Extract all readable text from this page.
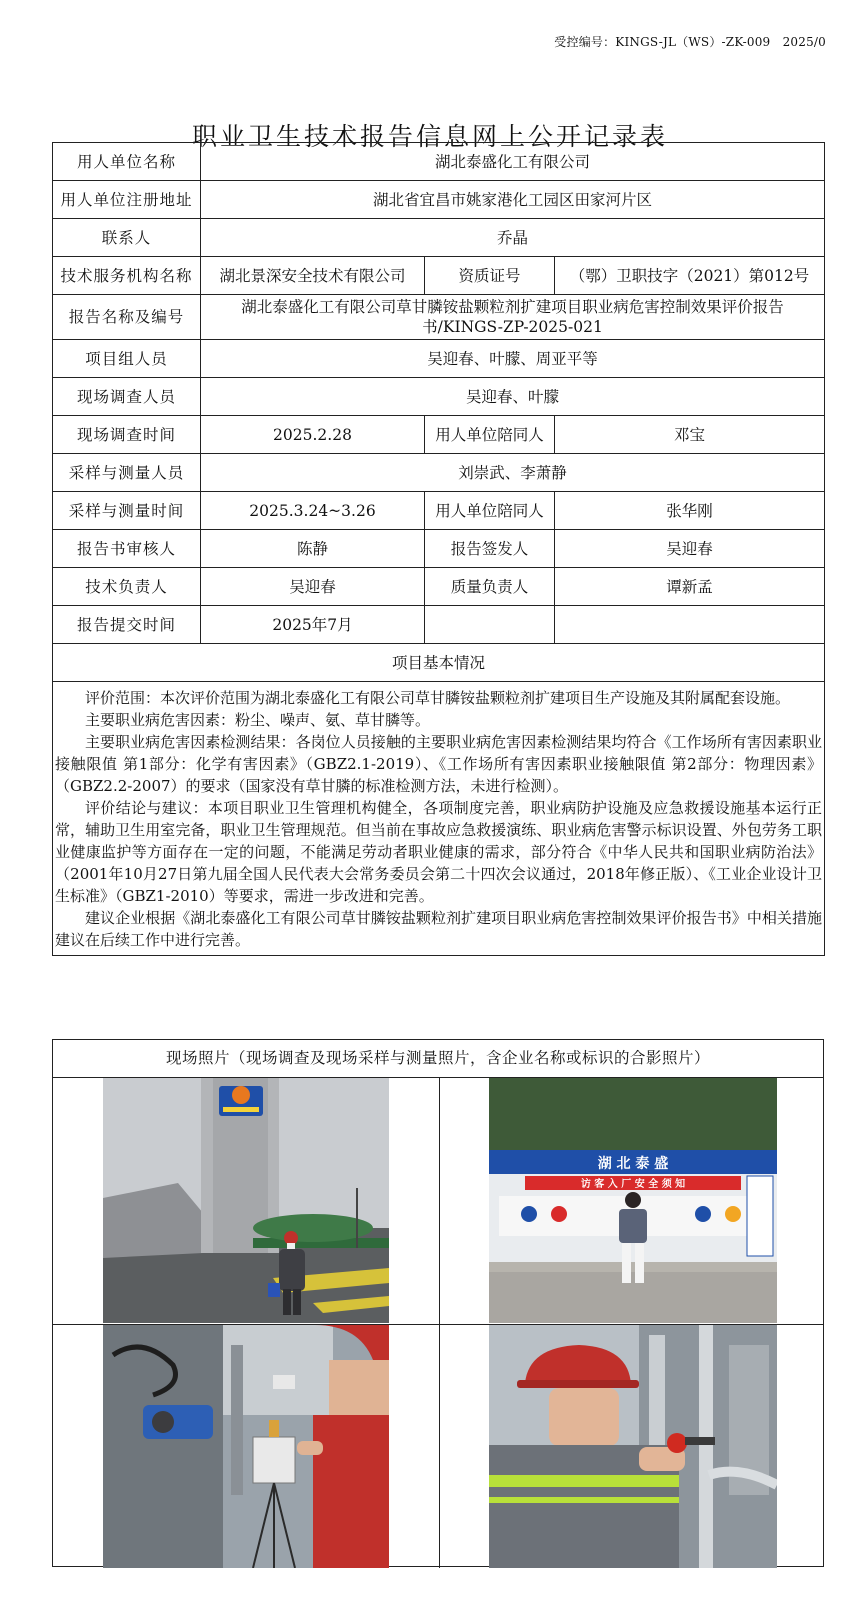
受控编号：KINGS-JL（WS）-ZK-009　2025/0
职业卫生技术报告信息网上公开记录表
用人单位名称	湖北泰盛化工有限公司		
用人单位注册地址	湖北省宜昌市姚家港化工园区田家河片区		
联系人	乔晶		
技术服务机构名称	湖北景深安全技术有限公司	资质证号	（鄂）卫职技字（2021）第012号
报告名称及编号	湖北泰盛化工有限公司草甘膦铵盐颗粒剂扩建项目职业病危害控制效果评价报告书/KINGS-ZP-2025-021		
项目组人员	吴迎春、叶朦、周亚平等		
现场调查人员	吴迎春、叶朦		
现场调查时间	2025.2.28	用人单位陪同人	邓宝
采样与测量人员	刘崇武、李萧静		
采样与测量时间	2025.3.24~3.26	用人单位陪同人	张华刚
报告书审核人	陈静	报告签发人	吴迎春
技术负责人	吴迎春	质量负责人	谭新孟
报告提交时间	2025年7月		
项目基本情况			

评价范围：本次评价范围为湖北泰盛化工有限公司草甘膦铵盐颗粒剂扩建项目生产设施及其附属配套设施。

主要职业病危害因素：粉尘、噪声、氨、草甘膦等。

主要职业病危害因素检测结果：各岗位人员接触的主要职业病危害因素检测结果均符合《工作场所有害因素职业接触限值 第1部分：化学有害因素》（GBZ2.1-2019）、《工作场所有害因素职业接触限值 第2部分：物理因素》（GBZ2.2-2007）的要求（国家没有草甘膦的标准检测方法，未进行检测）。

评价结论与建议：本项目职业卫生管理机构健全，各项制度完善，职业病防护设施及应急救援设施基本运行正常，辅助卫生用室完备，职业卫生管理规范。但当前在事故应急救援演练、职业病危害警示标识设置、外包劳务工职业健康监护等方面存在一定的问题，不能满足劳动者职业健康的需求，部分符合《中华人民共和国职业病防治法》（2001年10月27日第九届全国人民代表大会常务委员会第二十四次会议通过，2018年修正版）、《工业企业设计卫生标准》（GBZ1-2010）等要求，需进一步改进和完善。

建议企业根据《湖北泰盛化工有限公司草甘膦铵盐颗粒剂扩建项目职业病危害控制效果评价报告书》中相关措施建议在后续工作中进行完善。			

现场照片（现场调查及现场采样与测量照片，含企业名称或标识的合影照片）
湖 北 泰 盛
访 客 入 厂 安 全 须 知
